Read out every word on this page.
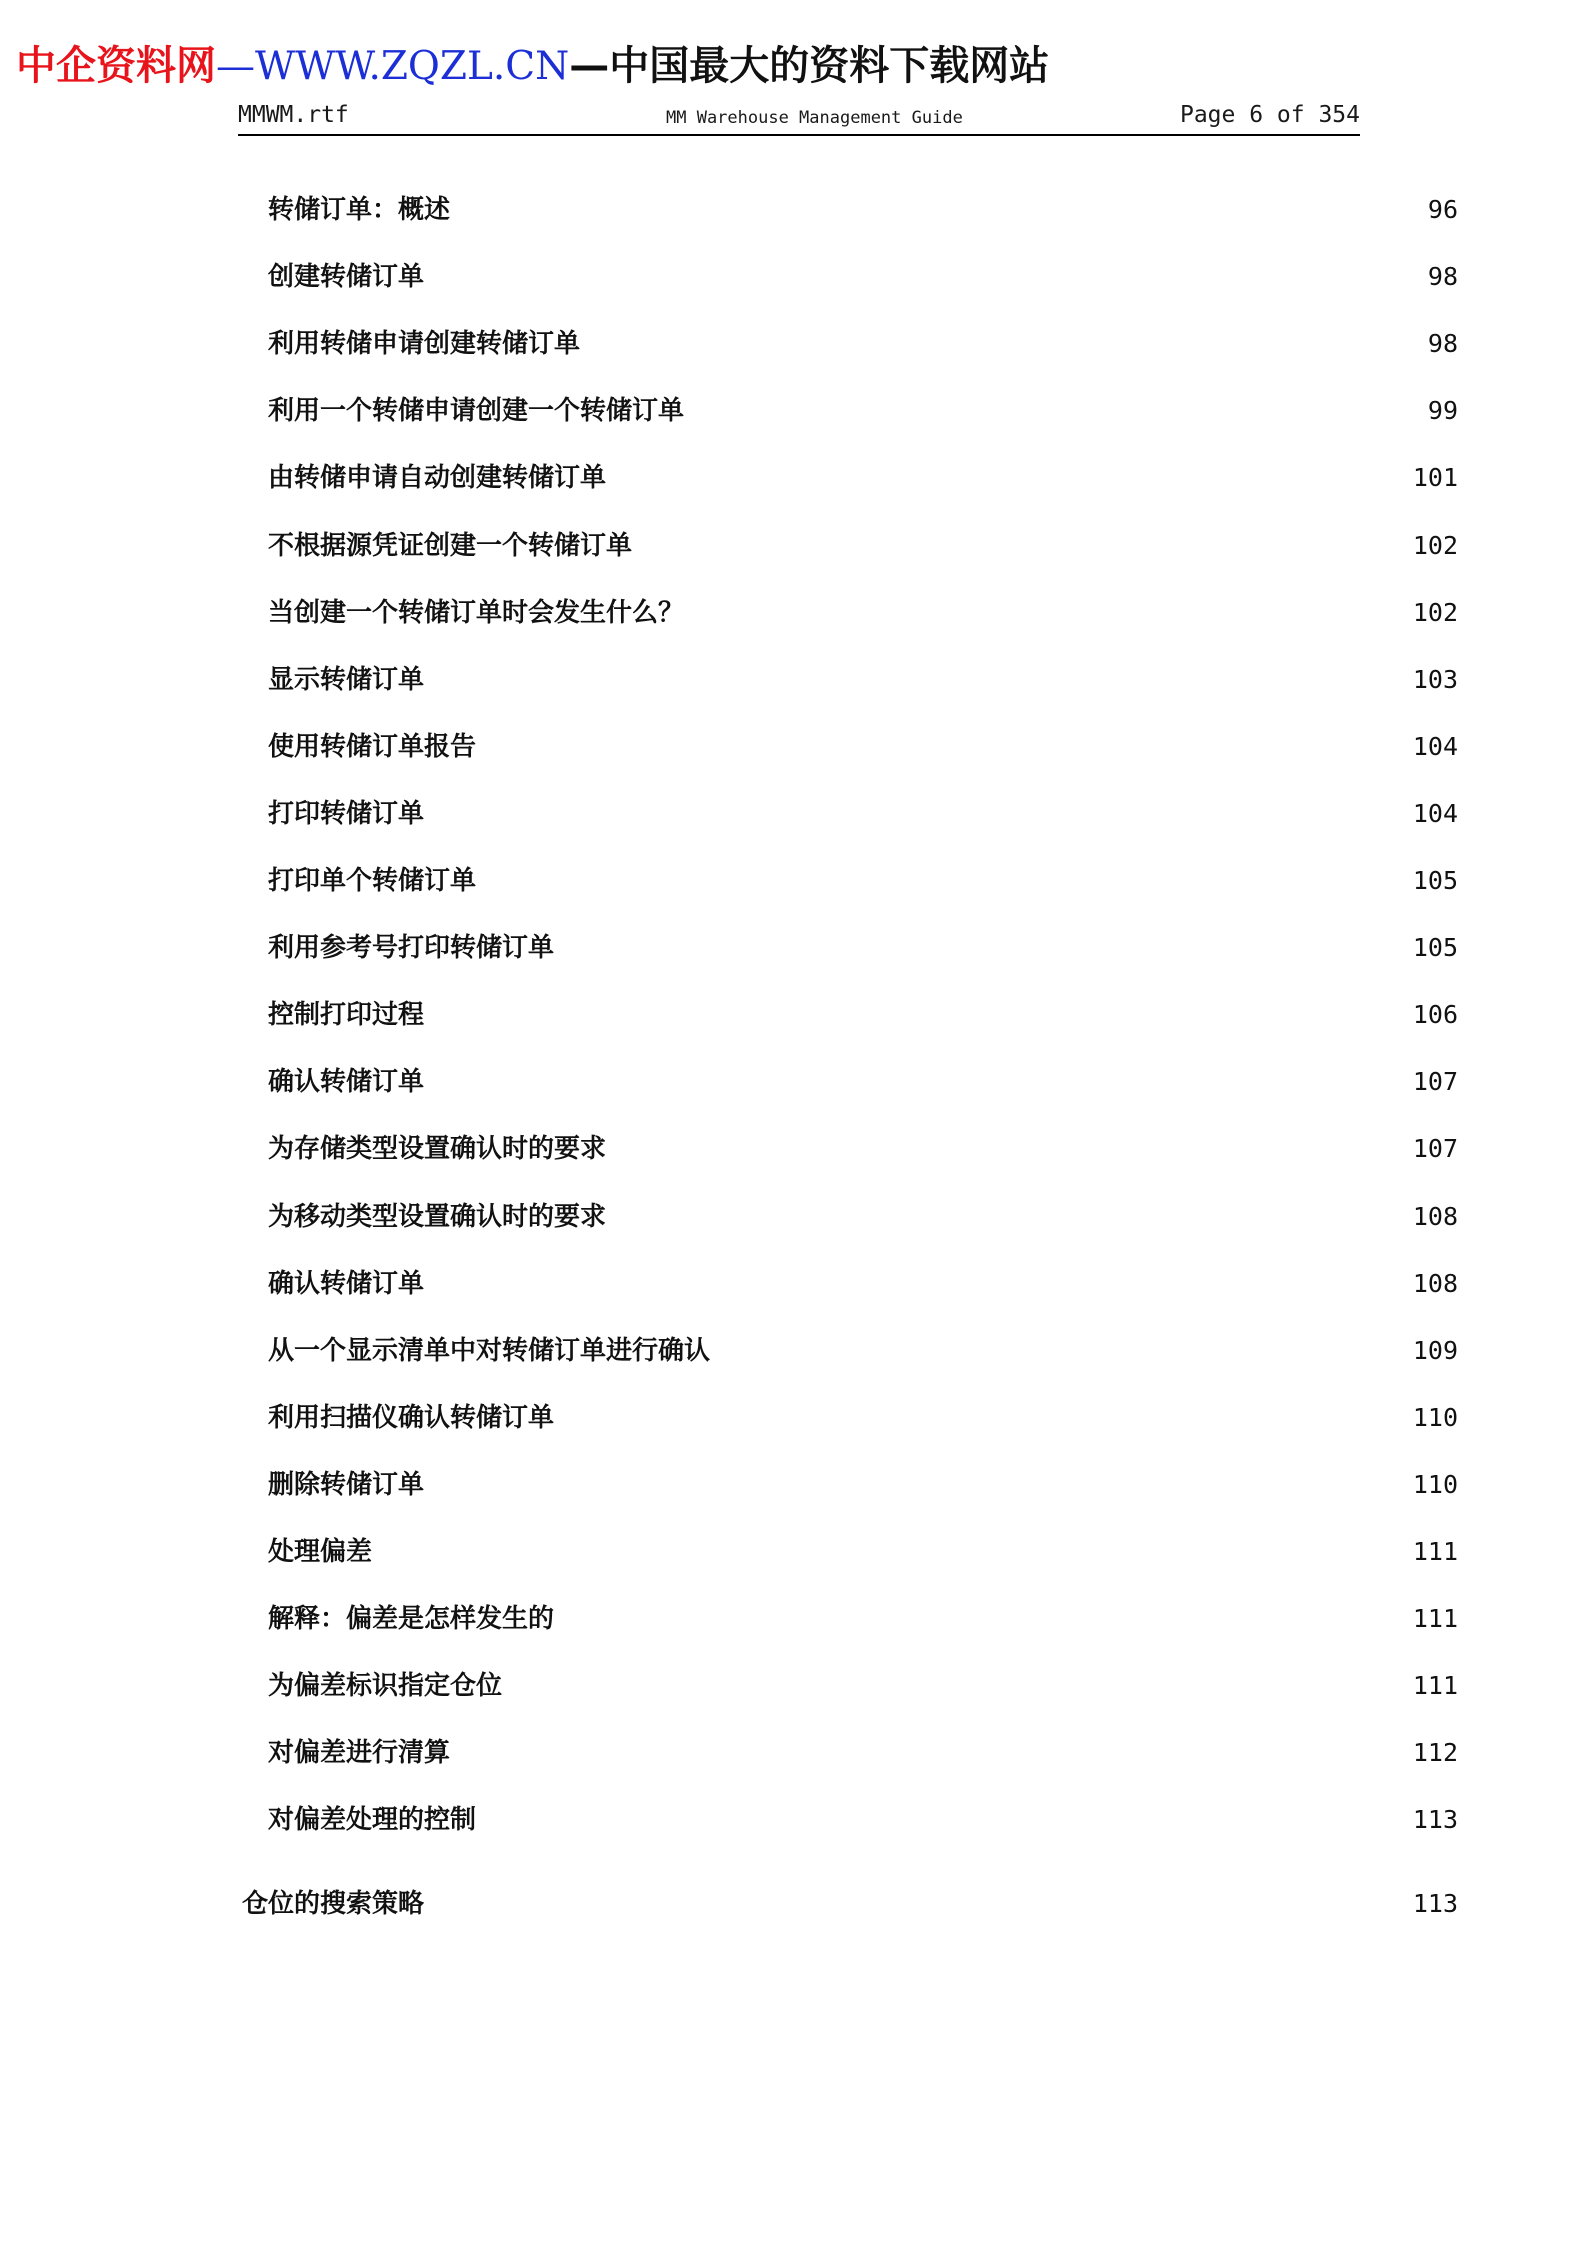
中企资料网—WWW.ZQZL.CN—中国最大的资料下载网站
MMWM.rtf	MM Warehouse Management Guide	Page 6 of 354
转储订单：概述	96
创建转储订单	98
利用转储申请创建转储订单	98
利用一个转储申请创建一个转储订单	99
由转储申请自动创建转储订单	101
不根据源凭证创建一个转储订单	102
当创建一个转储订单时会发生什么？	102
显示转储订单	103
使用转储订单报告	104
打印转储订单	104
打印单个转储订单	105
利用参考号打印转储订单	105
控制打印过程	106
确认转储订单	107
为存储类型设置确认时的要求	107
为移动类型设置确认时的要求	108
确认转储订单	108
从一个显示清单中对转储订单进行确认	109
利用扫描仪确认转储订单	110
删除转储订单	110
处理偏差	111
解释：偏差是怎样发生的	111
为偏差标识指定仓位	111
对偏差进行清算	112
对偏差处理的控制	113
仓位的搜索策略	113
